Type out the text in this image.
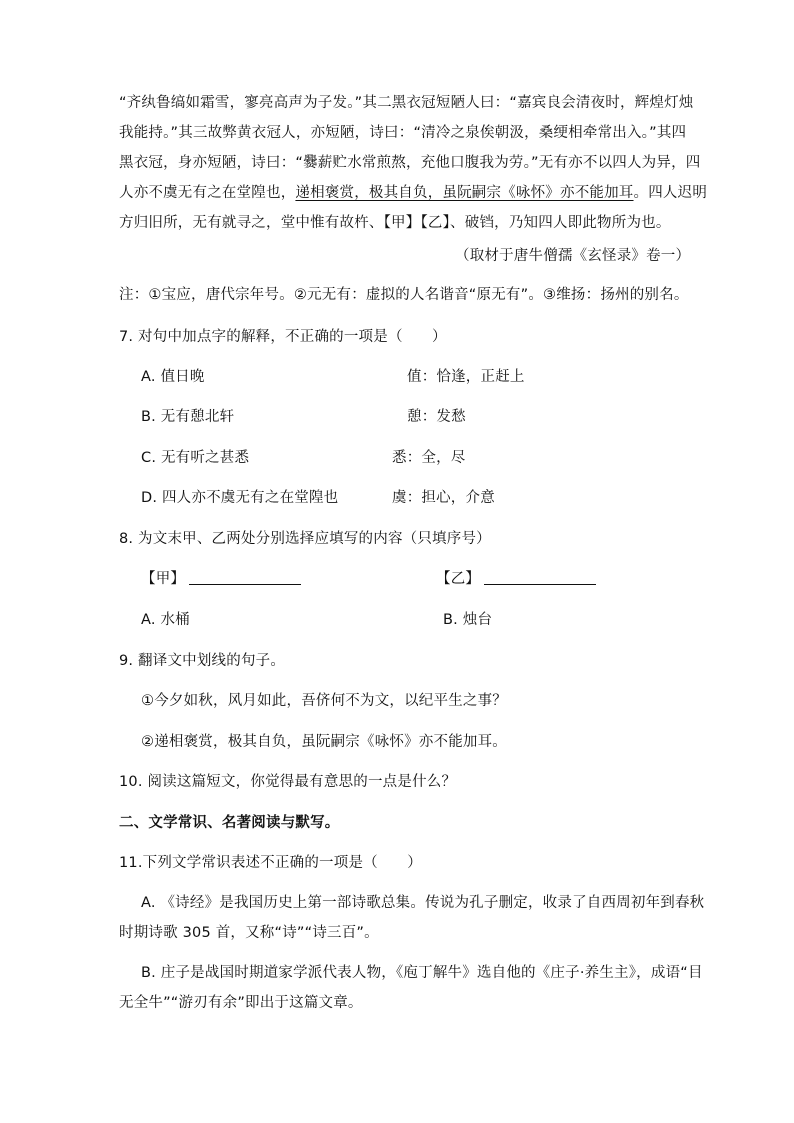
“齐纨鲁缟如霜雪，寥亮高声为子发。”其二黑衣冠短陋人曰：“嘉宾良会清夜时，辉煌灯烛
我能持。”其三故弊黄衣冠人，亦短陋，诗曰：“清冷之泉俟朝汲，桑绠相牵常出入。”其四
黑衣冠，身亦短陋，诗曰：“爨薪贮水常煎熬，充他口腹我为劳。”无有亦不以四人为异，四
人亦不虞无有之在堂隍也，递相褒赏，极其自负，虽阮嗣宗《咏怀》亦不能加耳。四人迟明
方归旧所，无有就寻之，堂中惟有故杵、【甲】【乙】、破铛，乃知四人即此物所为也。
（取材于唐牛僧孺《玄怪录》卷一）
注：①宝应，唐代宗年号。②元无有：虚拟的人名谐音“原无有”。③维扬：扬州的别名。
7. 对句中加点字的解释，不正确的一项是（　　）
A. 值日晚	值：恰逢，正赶上
B. 无有憩北轩	憩：发愁
C. 无有听之甚悉	悉：全，尽
D. 四人亦不虞无有之在堂隍也	虞：担心，介意
8. 为文末甲、乙两处分别选择应填写的内容（只填序号）
【甲】	【乙】
A. 水桶	B. 烛台
9. 翻译文中划线的句子。
①今夕如秋，风月如此，吾侪何不为文，以纪平生之事？
②递相褒赏，极其自负，虽阮嗣宗《咏怀》亦不能加耳。
10. 阅读这篇短文，你觉得最有意思的一点是什么？
二、文学常识、名著阅读与默写。
11.下列文学常识表述不正确的一项是（　　）
A. 《诗经》是我国历史上第一部诗歌总集。传说为孔子删定，收录了自西周初年到春秋
时期诗歌 305 首，又称“诗”“诗三百”。
B. 庄子是战国时期道家学派代表人物，《庖丁解牛》选自他的《庄子·养生主》，成语“目
无全牛”“游刃有余”即出于这篇文章。
